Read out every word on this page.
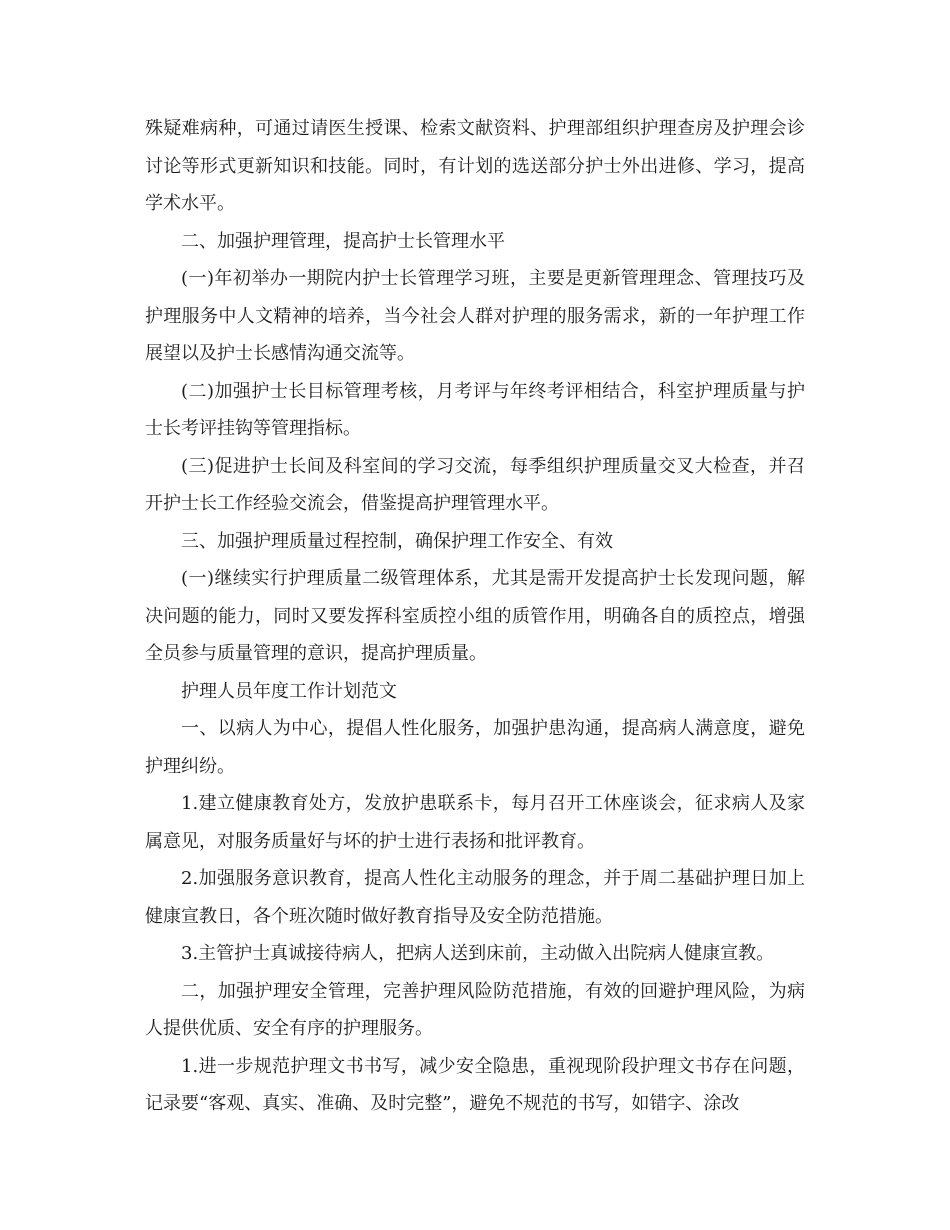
殊疑难病种，可通过请医生授课、检索文献资料、护理部组织护理查房及护理会诊讨论等形式更新知识和技能。同时，有计划的选送部分护士外出进修、学习，提高学术水平。

二、加强护理管理，提高护士长管理水平

(一)年初举办一期院内护士长管理学习班，主要是更新管理理念、管理技巧及护理服务中人文精神的培养，当今社会人群对护理的服务需求，新的一年护理工作展望以及护士长感情沟通交流等。

(二)加强护士长目标管理考核，月考评与年终考评相结合，科室护理质量与护士长考评挂钩等管理指标。

(三)促进护士长间及科室间的学习交流，每季组织护理质量交叉大检查，并召开护士长工作经验交流会，借鉴提高护理管理水平。

三、加强护理质量过程控制，确保护理工作安全、有效

(一)继续实行护理质量二级管理体系，尤其是需开发提高护士长发现问题，解决问题的能力，同时又要发挥科室质控小组的质管作用，明确各自的质控点，增强全员参与质量管理的意识，提高护理质量。

护理人员年度工作计划范文

一、以病人为中心，提倡人性化服务，加强护患沟通，提高病人满意度，避免护理纠纷。

1.建立健康教育处方，发放护患联系卡，每月召开工休座谈会，征求病人及家属意见，对服务质量好与坏的护士进行表扬和批评教育。

2.加强服务意识教育，提高人性化主动服务的理念，并于周二基础护理日加上健康宣教日，各个班次随时做好教育指导及安全防范措施。

3.主管护士真诚接待病人，把病人送到床前，主动做入出院病人健康宣教。

二，加强护理安全管理，完善护理风险防范措施，有效的回避护理风险，为病人提供优质、安全有序的护理服务。

1.进一步规范护理文书书写，减少安全隐患，重视现阶段护理文书存在问题，记录要“客观、真实、准确、及时完整”，避免不规范的书写，如错字、涂改
